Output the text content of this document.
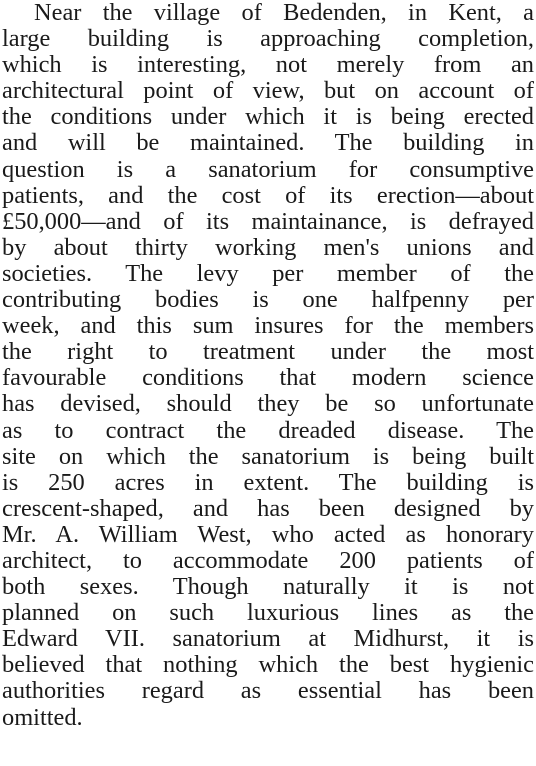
Near the village of Bedenden, in Kent, a
large building is approaching completion,
which is interesting, not merely from an
architectural point of view, but on account of
the conditions under which it is being erected
and will be maintained. The building in
question is a sanatorium for consumptive
patients, and the cost of its erection—about
£50,000—and of its maintainance, is defrayed
by about thirty working men's unions and
societies. The levy per member of the
contributing bodies is one halfpenny per
week, and this sum insures for the members
the right to treatment under the most
favourable conditions that modern science
has devised, should they be so unfortunate
as to contract the dreaded disease. The
site on which the sanatorium is being built
is 250 acres in extent. The building is
crescent-shaped, and has been designed by
Mr. A. William West, who acted as honorary
architect, to accommodate 200 patients of
both sexes. Though naturally it is not
planned on such luxurious lines as the
Edward VII. sanatorium at Midhurst, it is
believed that nothing which the best hygienic
authorities regard as essential has been
omitted.
